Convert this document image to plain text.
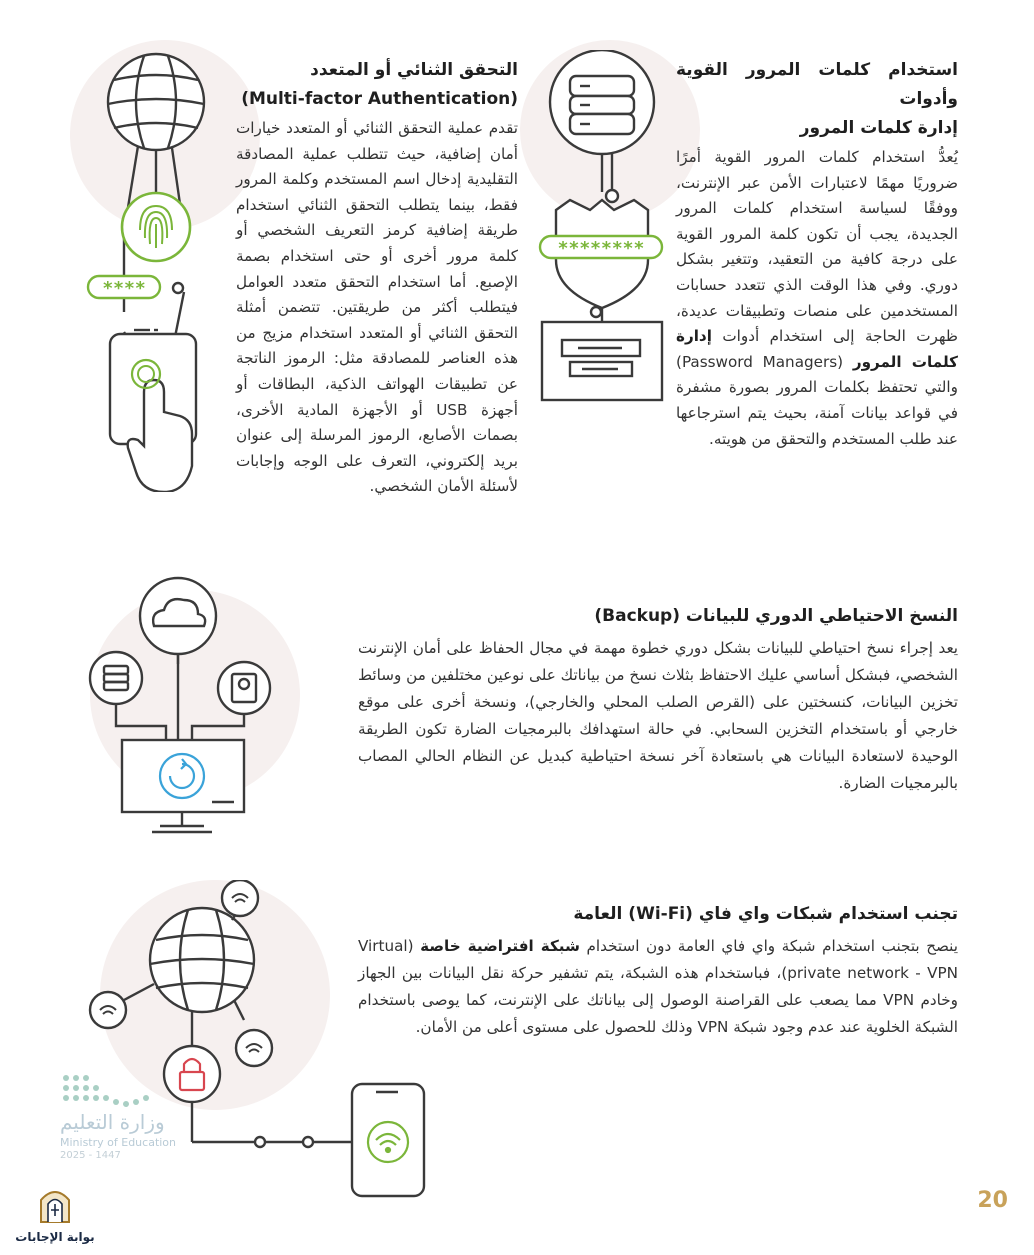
********
****

استخدام كلمات المرور القوية وأدوات

إدارة كلمات المرور

يُعدُّ استخدام كلمات المرور القوية أمرًا ضروريًا مهمًا لاعتبارات الأمن عبر الإنترنت، ووفقًا لسياسة استخدام كلمات المرور الجديدة، يجب أن تكون كلمة المرور القوية على درجة كافية من التعقيد، وتتغير بشكل دوري. وفي هذا الوقت الذي تتعدد حسابات المستخدمين على منصات وتطبيقات عديدة، ظهرت الحاجة إلى استخدام أدوات إدارة كلمات المرور (Password Managers) والتي تحتفظ بكلمات المرور بصورة مشفرة في قواعد بيانات آمنة، بحيث يتم استرجاعها عند طلب المستخدم والتحقق من هويته.

التحقق الثنائي أو المتعدد

(Multi-factor Authentication)

تقدم عملية التحقق الثنائي أو المتعدد خيارات أمان إضافية، حيث تتطلب عملية المصادقة التقليدية إدخال اسم المستخدم وكلمة المرور فقط، بينما يتطلب التحقق الثنائي استخدام طريقة إضافية كرمز التعريف الشخصي أو كلمة مرور أخرى أو حتى استخدام بصمة الإصبع. أما استخدام التحقق متعدد العوامل فيتطلب أكثر من طريقتين. تتضمن أمثلة التحقق الثنائي أو المتعدد استخدام مزيج من هذه العناصر للمصادقة مثل: الرموز الناتجة عن تطبيقات الهواتف الذكية، البطاقات أو أجهزة USB أو الأجهزة المادية الأخرى، بصمات الأصابع، الرموز المرسلة إلى عنوان بريد إلكتروني، التعرف على الوجه وإجابات لأسئلة الأمان الشخصي.

النسخ الاحتياطي الدوري للبيانات (Backup)

يعد إجراء نسخ احتياطي للبيانات بشكل دوري خطوة مهمة في مجال الحفاظ على أمان الإنترنت الشخصي، فبشكل أساسي عليك الاحتفاظ بثلاث نسخ من بياناتك على نوعين مختلفين من وسائط تخزين البيانات، كنسختين على (القرص الصلب المحلي والخارجي)، ونسخة أخرى على موقع خارجي أو باستخدام التخزين السحابي. في حالة استهدافك بالبرمجيات الضارة تكون الطريقة الوحيدة لاستعادة البيانات هي باستعادة آخر نسخة احتياطية كبديل عن النظام الحالي المصاب بالبرمجيات الضارة.

تجنب استخدام شبكات واي فاي (Wi-Fi) العامة

ينصح بتجنب استخدام شبكة واي فاي العامة دون استخدام شبكة افتراضية خاصة (Virtual private network - VPN)، فباستخدام هذه الشبكة، يتم تشفير حركة نقل البيانات بين الجهاز وخادم VPN مما يصعب على القراصنة الوصول إلى بياناتك على الإنترنت، كما يوصى باستخدام الشبكة الخلوية عند عدم وجود شبكة VPN وذلك للحصول على مستوى أعلى من الأمان.

وزارة التعليم
Ministry of Education
2025 - 1447
بوابة الإجابات
20
